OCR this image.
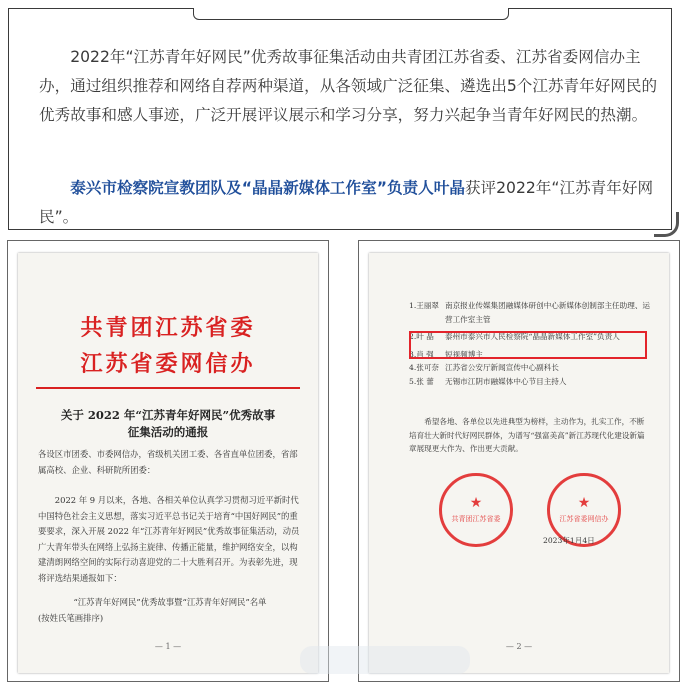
2022年“江苏青年好网民”优秀故事征集活动由共青团江苏省委、江苏省委网信办主办，通过组织推荐和网络自荐两种渠道，从各领域广泛征集、遴选出5个江苏青年好网民的优秀故事和感人事迹，广泛开展评议展示和学习分享，努力兴起争当青年好网民的热潮。

泰兴市检察院宣教团队及“晶晶新媒体工作室”负责人叶晶获评2022年“江苏青年好网民”。

共青团江苏省委
江苏省委网信办
关于 2022 年“江苏青年好网民”优秀故事
征集活动的通报
各设区市团委、市委网信办，省级机关团工委、各省直单位团委，省部属高校、企业、科研院所团委：
2022 年 9 月以来，各地、各相关单位认真学习贯彻习近平新时代中国特色社会主义思想，落实习近平总书记关于培育“中国好网民”的重要要求，深入开展 2022 年“江苏青年好网民”优秀故事征集活动，动员广大青年带头在网络上弘扬主旋律、传播正能量，维护网络安全，以构建清朗网络空间的实际行动喜迎党的二十大胜利召开。为表彰先进，现将评选结果通报如下：
“江苏青年好网民”优秀故事暨“江苏青年好网民”名单
(按姓氏笔画排序)
— 1 —
1.王丽翠 南京报业传媒集团融媒体研创中心新媒体创制部主任助理、运营工作室主管
2.叶 晶	泰州市泰兴市人民检察院“晶晶新媒体工作室”负责人
3.肖 强	短视频博主
4.张可奈 江苏省公安厅新闻宣传中心副科长
5.张 蕾	无锡市江阴市融媒体中心节目主持人
希望各地、各单位以先进典型为榜样，主动作为，扎实工作，不断培育壮大新时代好网民群体，为谱写“强富美高”新江苏现代化建设新篇章展现更大作为、作出更大贡献。
★
共青团江苏省委
★
江苏省委网信办
2023年1月4日
— 2 —
